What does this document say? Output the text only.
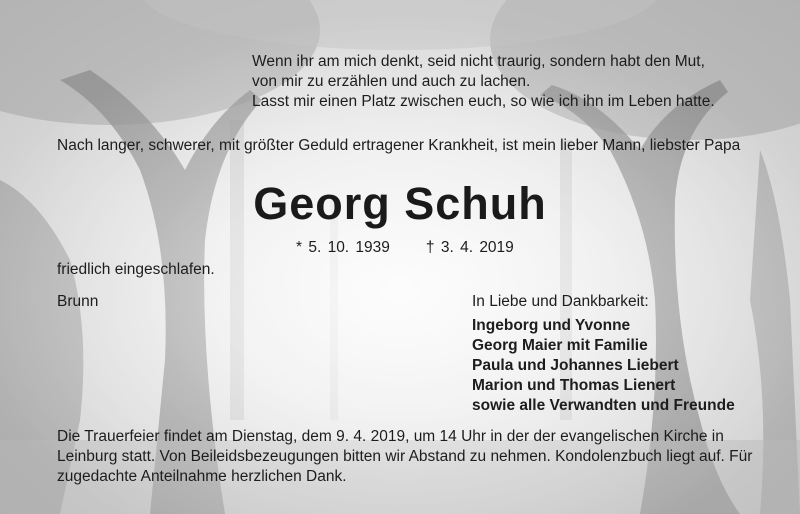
Wenn ihr am mich denkt, seid nicht traurig, sondern habt den Mut,
von mir zu erzählen und auch zu lachen.
Lasst mir einen Platz zwischen euch, so wie ich ihn im Leben hatte.
Nach langer, schwerer, mit größter Geduld ertragener Krankheit, ist mein lieber Mann, liebster Papa
Georg Schuh
* 5. 10. 1939 † 3. 4. 2019
friedlich eingeschlafen.
Brunn	In Liebe und Dankbarkeit:
Ingeborg und Yvonne
Georg Maier mit Familie
Paula und Johannes Liebert
Marion und Thomas Lienert
sowie alle Verwandten und Freunde
Die Trauerfeier findet am Dienstag, dem 9. 4. 2019, um 14 Uhr in der der evangelischen Kirche in Leinburg statt. Von Beileidsbezeugungen bitten wir Abstand zu nehmen. Kondolenzbuch liegt auf. Für zugedachte Anteilnahme herzlichen Dank.
